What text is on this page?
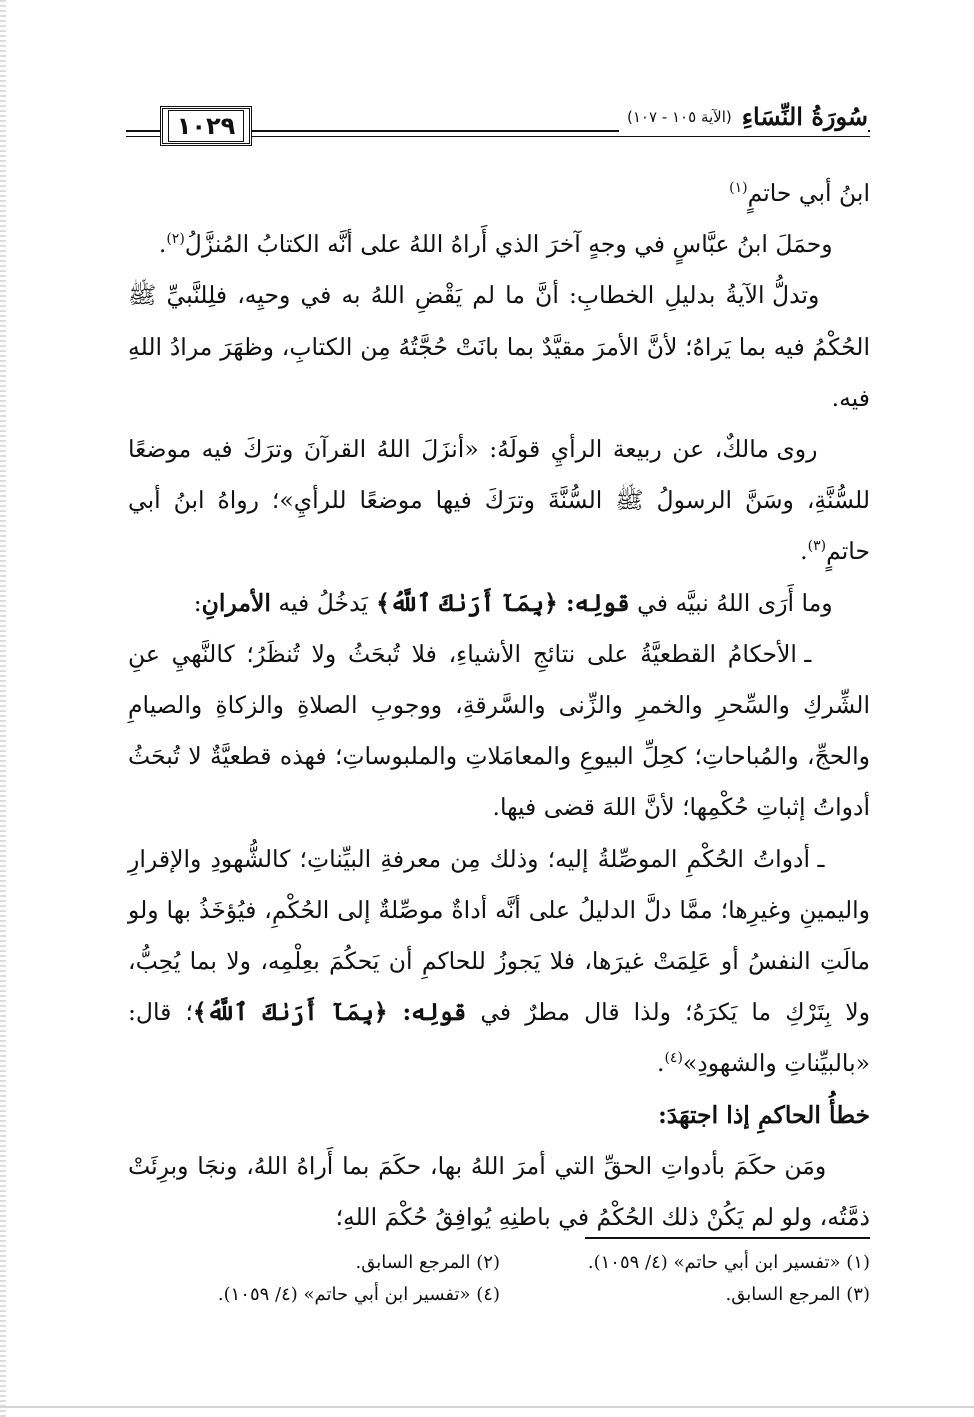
١٠٢٩	سُورَةُ النِّسَاءِ
(الآية ١٠٥ - ١٠٧)

ابنُ أبي حاتمٍ$^{(١)}$

وحمَلَ ابنُ عبَّاسٍ في وجهٍ آخرَ الذي أَراهُ اللهُ على أنَّه الكتابُ المُنزَّلُ$^{(٢)}$.

وتدلُّ الآيةُ بدليلِ الخطابِ: أنَّ ما لم يَقْضِ اللهُ به في وحيِه، فلِلنَّبيِّ ﷺ الحُكْمُ فيه بما يَراهُ؛ لأنَّ الأمرَ مقيَّدٌ بما بانَتْ حُجَّتُهُ مِن الكتابِ، وظهَرَ مرادُ اللهِ فيه.

روى مالكٌ، عن ربيعة الرأيِ قولَهُ: «أنزَلَ اللهُ القرآنَ وترَكَ فيه موضعًا للسُّنَّةِ، وسَنَّ الرسولُ ﷺ السُّنَّةَ وترَكَ فيها موضعًا للرأيِ»؛ رواهُ ابنُ أبي حاتمٍ$^{(٣)}$.

وما أَرَى اللهُ نبيَّه في قولِه: ﴿بِمَآ أَرَىٰكَ ٱللَّهُ﴾ يَدخُلُ فيه الأمرانِ:

ـ الأحكامُ القطعيَّةُ على نتائجِ الأشياءِ، فلا تُبحَثُ ولا تُنظَرُ؛ كالنَّهيِ عنِ الشِّركِ والسِّحرِ والخمرِ والزِّنى والسَّرقةِ، ووجوبِ الصلاةِ والزكاةِ والصيامِ والحجِّ، والمُباحاتِ؛ كحِلِّ البيوعِ والمعامَلاتِ والملبوساتِ؛ فهذه قطعيَّةٌ لا تُبحَثُ أدواتُ إثباتِ حُكْمِها؛ لأنَّ اللهَ قضى فيها.

ـ أدواتُ الحُكْمِ الموصِّلةُ إليه؛ وذلك مِن معرفةِ البيِّناتِ؛ كالشُّهودِ والإقرارِ واليمينِ وغيرِها؛ ممَّا دلَّ الدليلُ على أنَّه أداةٌ موصِّلةٌ إلى الحُكْمِ، فيُؤخَذُ بها ولو مالَتِ النفسُ أو عَلِمَتْ غيرَها، فلا يَجوزُ للحاكمِ أن يَحكُمَ بعِلْمِه، ولا بما يُحِبُّ، ولا بِتَرْكِ ما يَكرَهُ؛ ولذا قال مطرٌ في قولِه: ﴿بِمَآ أَرَىٰكَ ٱللَّهُ﴾؛ قال: «بالبيِّناتِ والشهودِ»$^{(٤)}$.

خطأُ الحاكمِ إذا اجتهَدَ:

ومَن حكَمَ بأدواتِ الحقِّ التي أمرَ اللهُ بها، حكَمَ بما أَراهُ اللهُ، ونجَا وبرِئَتْ ذمَّتُه، ولو لم يَكُنْ ذلك الحُكْمُ في باطنِهِ يُوافِقُ حُكْمَ اللهِ؛

(١) «تفسير ابن أبي حاتم» (٤/ ١٠٥٩).
(٢) المرجع السابق.
(٣) المرجع السابق.
(٤) «تفسير ابن أبي حاتم» (٤/ ١٠٥٩).
